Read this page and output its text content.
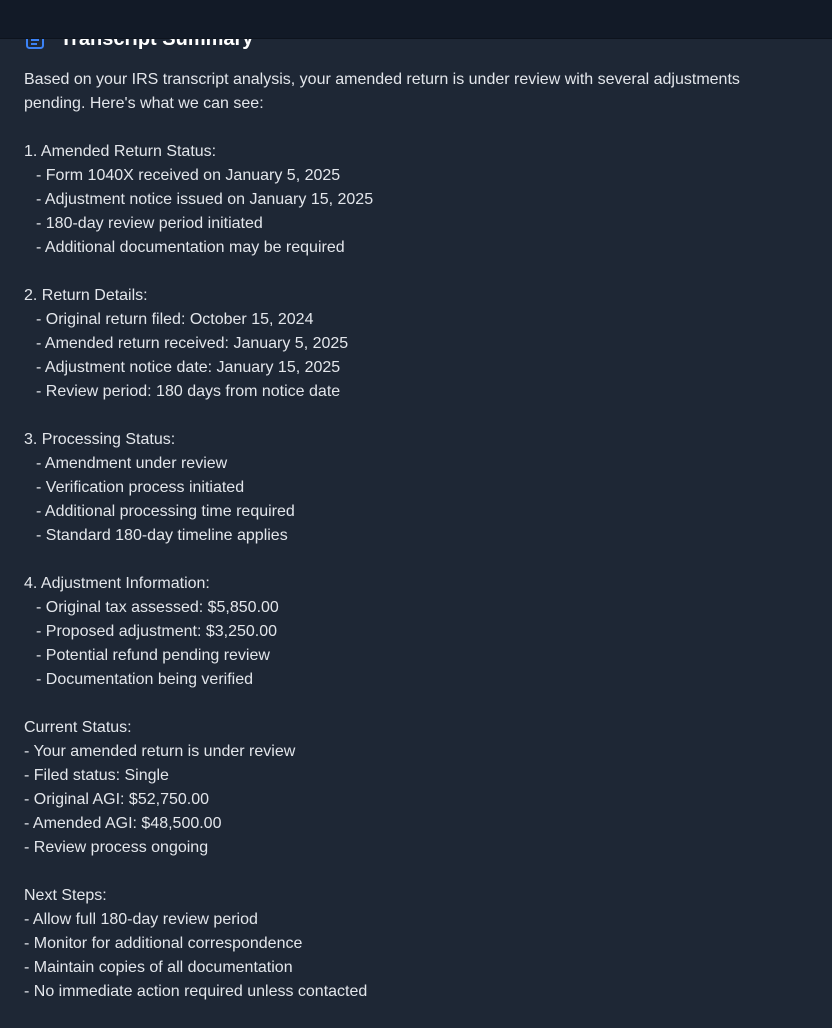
Based on your IRS transcript analysis, your amended return is under review with several adjustments
pending. Here's what we can see:
1. Amended Return Status:
- Form 1040X received on January 5, 2025
- Adjustment notice issued on January 15, 2025
- 180-day review period initiated
- Additional documentation may be required
2. Return Details:
- Original return filed: October 15, 2024
- Amended return received: January 5, 2025
- Adjustment notice date: January 15, 2025
- Review period: 180 days from notice date
3. Processing Status:
- Amendment under review
- Verification process initiated
- Additional processing time required
- Standard 180-day timeline applies
4. Adjustment Information:
- Original tax assessed: $5,850.00
- Proposed adjustment: $3,250.00
- Potential refund pending review
- Documentation being verified
Current Status:
- Your amended return is under review
- Filed status: Single
- Original AGI: $52,750.00
- Amended AGI: $48,500.00
- Review process ongoing
Next Steps:
- Allow full 180-day review period
- Monitor for additional correspondence
- Maintain copies of all documentation
- No immediate action required unless contacted
